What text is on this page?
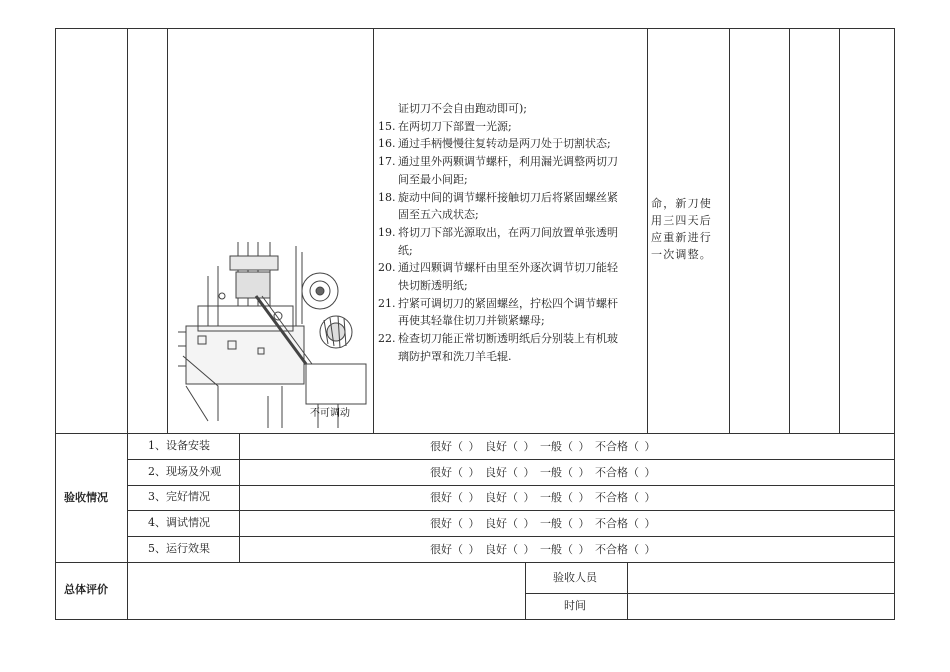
不可调动
证切刀不会自由跑动即可);
15. 在两切刀下部置一光源;
16. 通过手柄慢慢往复转动是两刀处于切割状态;
17. 通过里外两颗调节螺杆，利用漏光调整两切刀
间至最小间距;
18. 旋动中间的调节螺杆接触切刀后将紧固螺丝紧
固至五六成状态;
19. 将切刀下部光源取出，在两刀间放置单张透明
纸;
20. 通过四颗调节螺杆由里至外逐次调节切刀能轻
快切断透明纸;
21. 拧紧可调切刀的紧固螺丝，拧松四个调节螺杆
再使其轻靠住切刀并锁紧螺母;
22. 检查切刀能正常切断透明纸后分别装上有机玻
璃防护罩和洗刀羊毛辊.
命，新刀使
用三四天后
应重新进行
一次调整。
验收情况
1、设备安装
2、现场及外观
3、完好情况
4、调试情况
5、运行效果
很好（ ） 良好（ ） 一般（ ） 不合格（ ）
很好（ ） 良好（ ） 一般（ ） 不合格（ ）
很好（ ） 良好（ ） 一般（ ） 不合格（ ）
很好（ ） 良好（ ） 一般（ ） 不合格（ ）
很好（ ） 良好（ ） 一般（ ） 不合格（ ）
总体评价
验收人员
时间
